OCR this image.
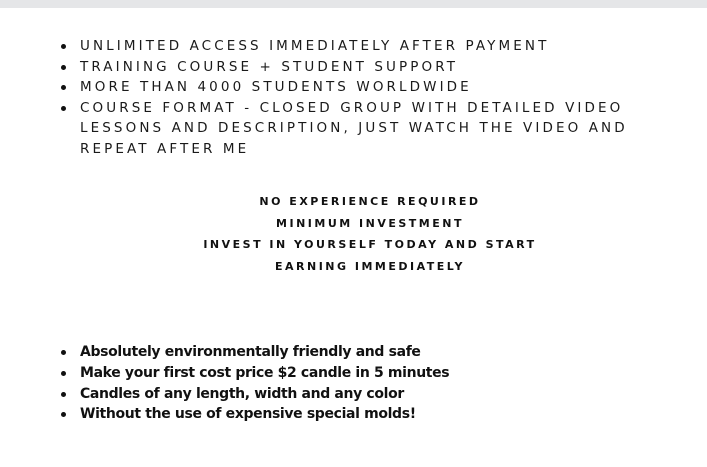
UNLIMITED ACCESS IMMEDIATELY AFTER PAYMENT
TRAINING COURSE + STUDENT SUPPORT
MORE THAN 4000 STUDENTS WORLDWIDE
COURSE FORMAT - CLOSED GROUP WITH DETAILED VIDEO LESSONS AND DESCRIPTION, JUST WATCH THE VIDEO AND REPEAT AFTER ME
NO EXPERIENCE REQUIRED
MINIMUM INVESTMENT
INVEST IN YOURSELF TODAY AND START
EARNING IMMEDIATELY
Absolutely environmentally friendly and safe
Make your first cost price $2 candle in 5 minutes
Candles of any length, width and any color
Without the use of expensive special molds!
